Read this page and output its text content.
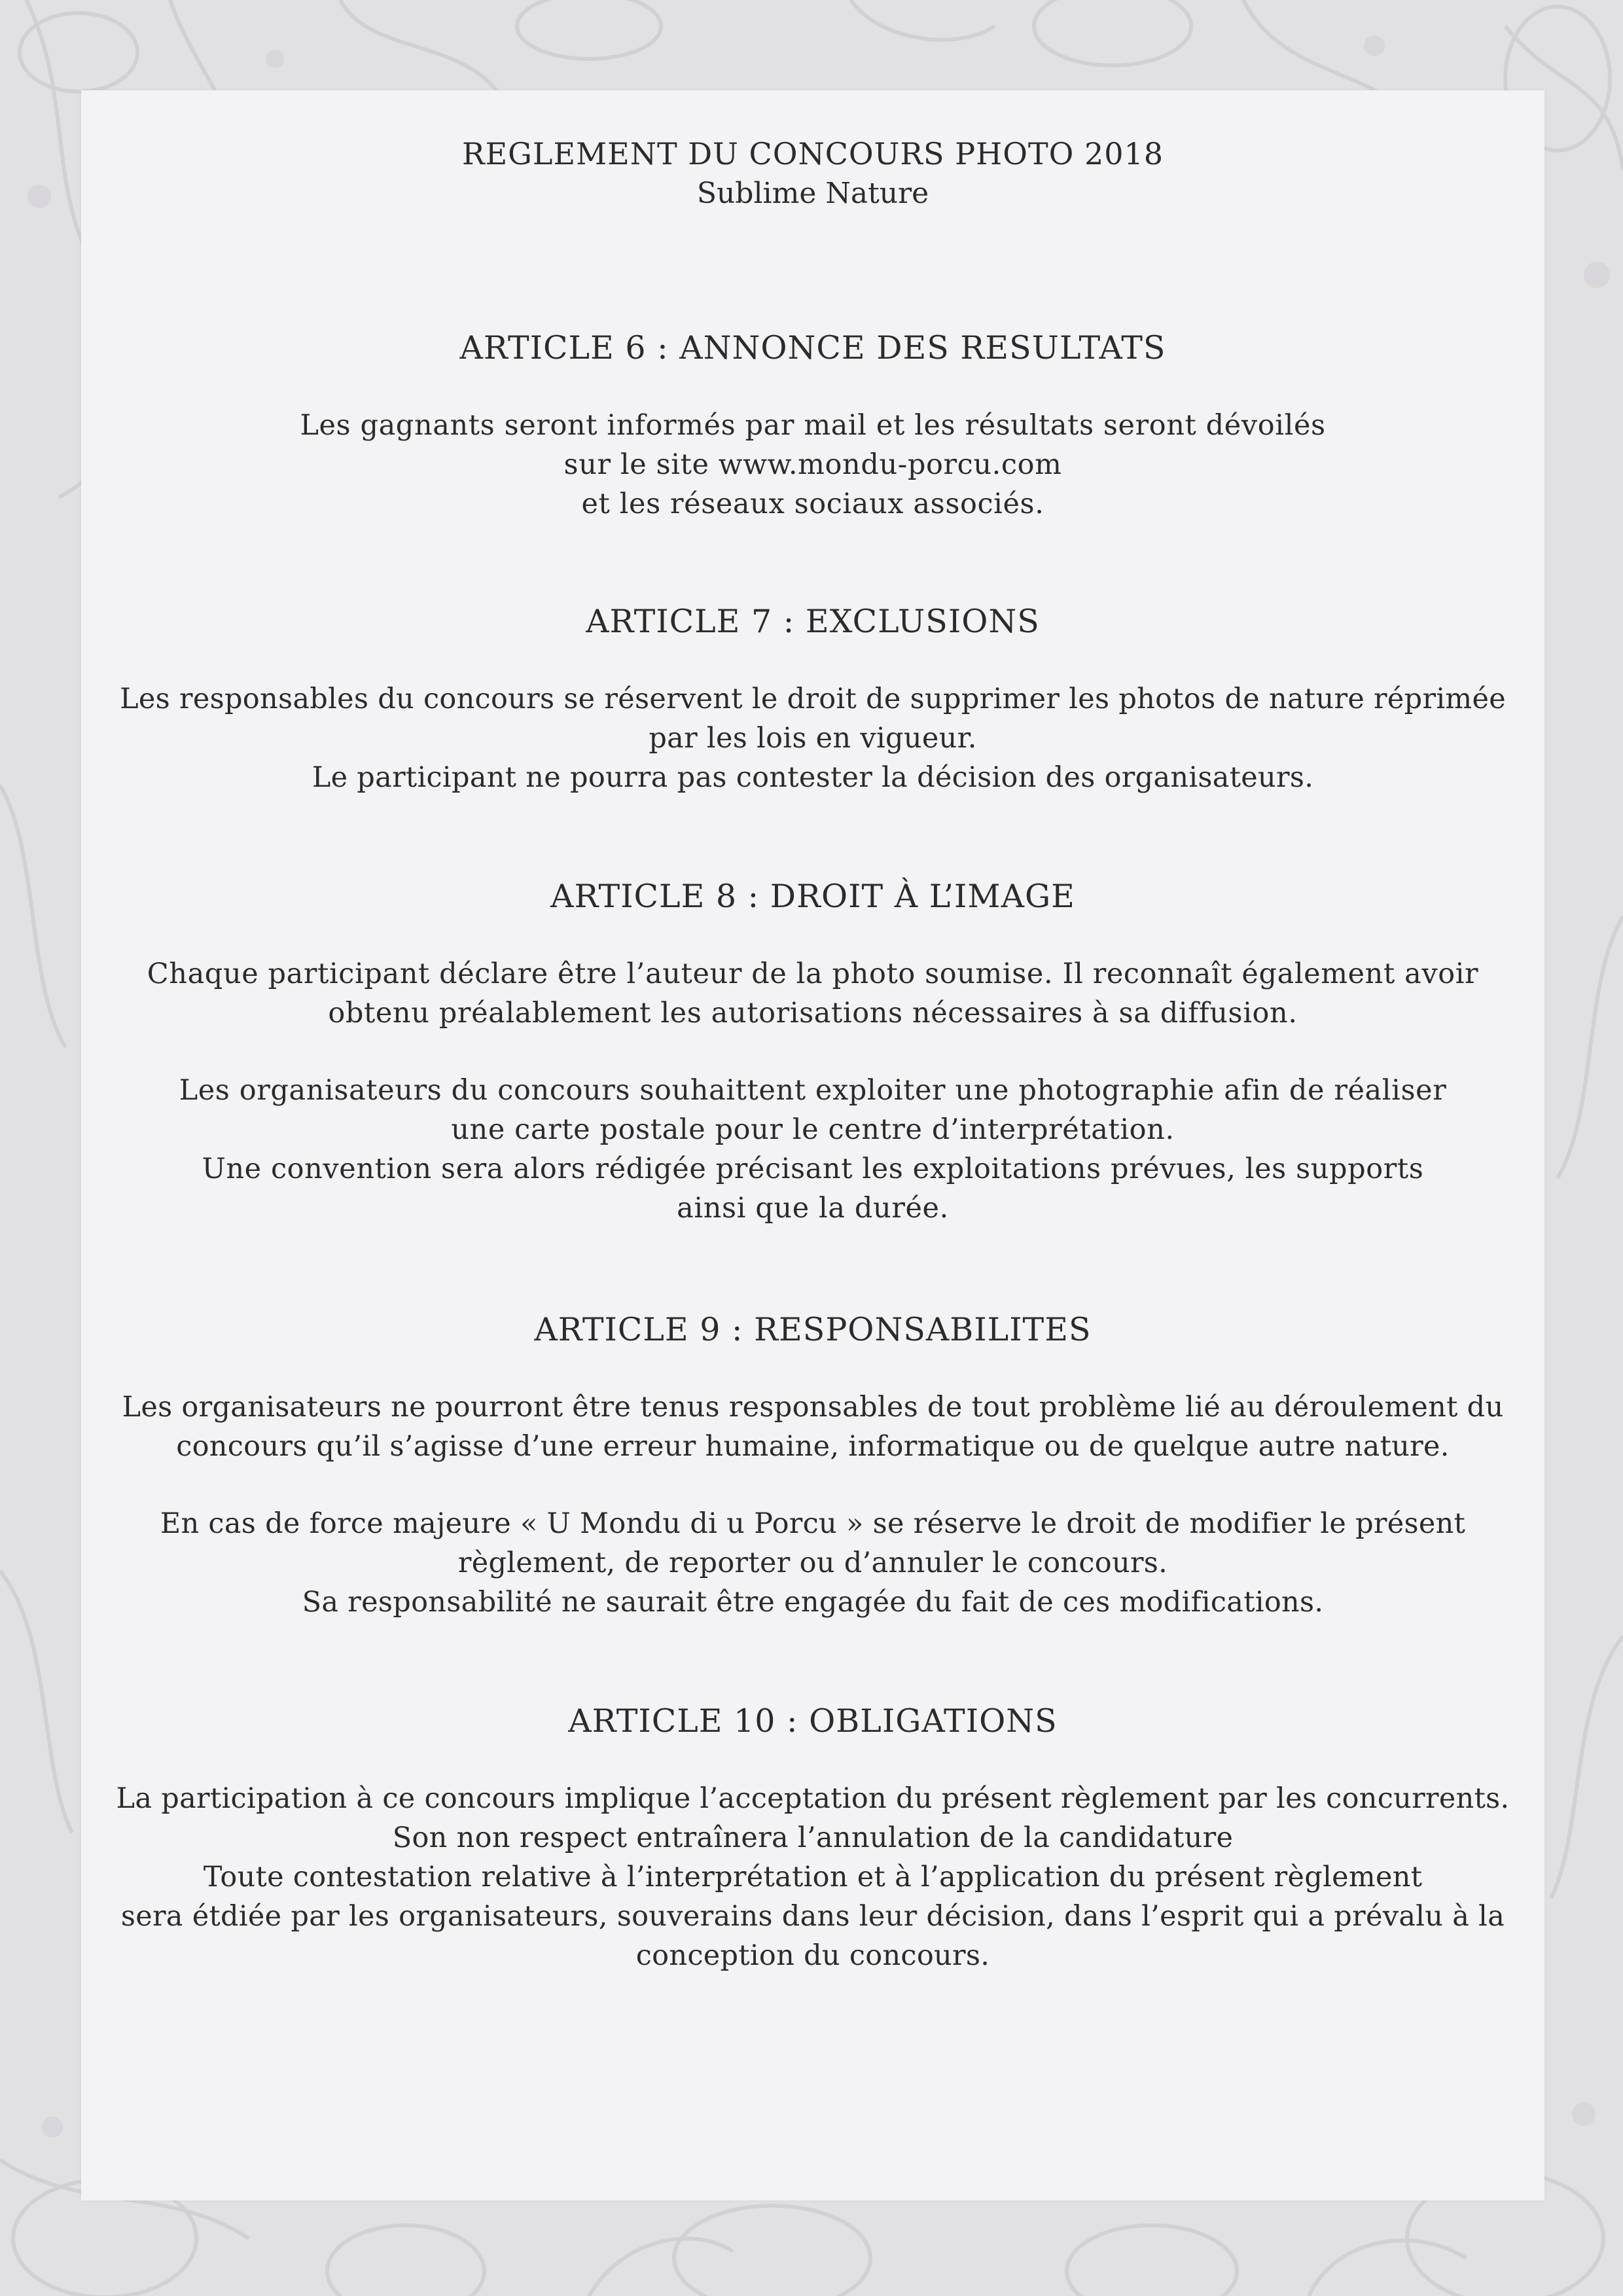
REGLEMENT DU CONCOURS PHOTO 2018
Sublime Nature
ARTICLE 6 : ANNONCE DES RESULTATS

Les gagnants seront informés par mail et les résultats seront dévoilés
sur le site www.mondu-porcu.com
et les réseaux sociaux associés.

ARTICLE 7 : EXCLUSIONS

Les responsables du concours se réservent le droit de supprimer les photos de nature réprimée
par les lois en vigueur.
Le participant ne pourra pas contester la décision des organisateurs.

ARTICLE 8 : DROIT À L’IMAGE

Chaque participant déclare être l’auteur de la photo soumise. Il reconnaît également avoir
obtenu préalablement les autorisations nécessaires à sa diffusion.

Les organisateurs du concours souhaittent exploiter une photographie afin de réaliser
une carte postale pour le centre d’interprétation.
Une convention sera alors rédigée précisant les exploitations prévues, les supports
ainsi que la durée.

ARTICLE 9 : RESPONSABILITES

Les organisateurs ne pourront être tenus responsables de tout problème lié au déroulement du
concours qu’il s’agisse d’une erreur humaine, informatique ou de quelque autre nature.

En cas de force majeure « U Mondu di u Porcu » se réserve le droit de modifier le présent
règlement, de reporter ou d’annuler le concours.
Sa responsabilité ne saurait être engagée du fait de ces modifications.

ARTICLE 10 : OBLIGATIONS

La participation à ce concours implique l’acceptation du présent règlement par les concurrents.
Son non respect entraînera l’annulation de la candidature
Toute contestation relative à l’interprétation et à l’application du présent règlement
sera étdiée par les organisateurs, souverains dans leur décision, dans l’esprit qui a prévalu à la
conception du concours.
